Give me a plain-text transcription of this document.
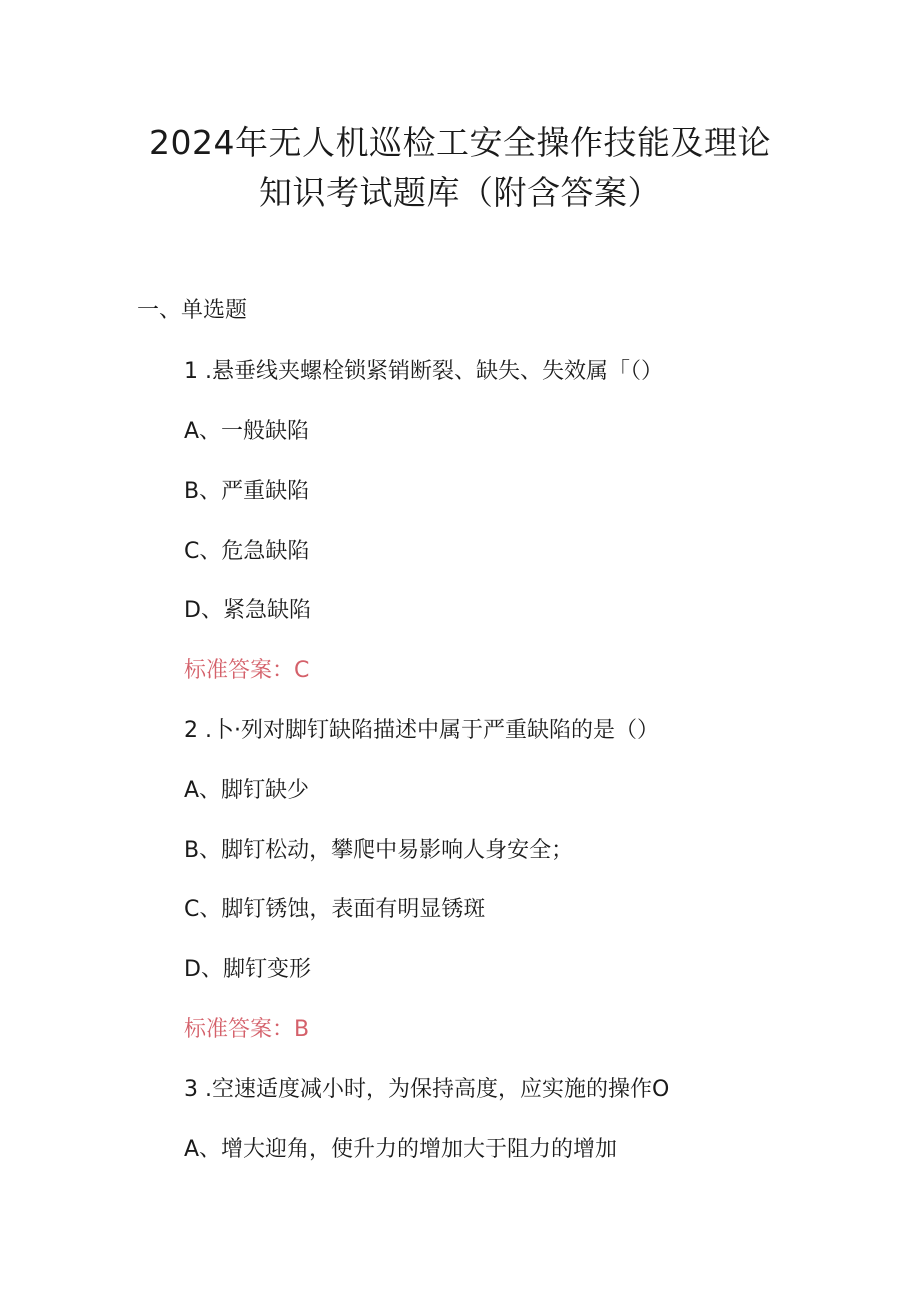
2024年无人机巡检工安全操作技能及理论
知识考试题库（附含答案）
一、单选题

1 .悬垂线夹螺栓锁紧销断裂、缺失、失效属「（）

A、一般缺陷

B、严重缺陷

C、危急缺陷

D、紧急缺陷

标准答案：C

2 .卜·列对脚钉缺陷描述中属于严重缺陷的是（）

A、脚钉缺少

B、脚钉松动，攀爬中易影响人身安全；

C、脚钉锈蚀，表面有明显锈斑

D、脚钉变形

标准答案：B

3 .空速适度减小时，为保持高度，应实施的操作O

A、增大迎角，使升力的增加大于阻力的增加
